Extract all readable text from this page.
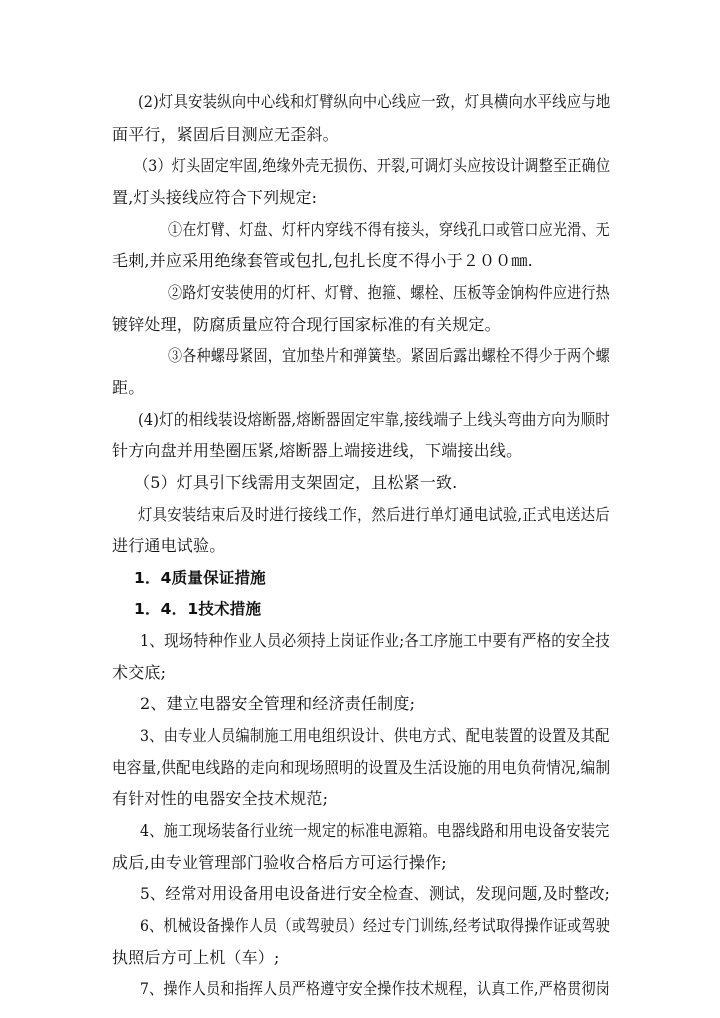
(2)灯具安装纵向中心线和灯臂纵向中心线应一致，灯具横向水平线应与地
面平行，紧固后目测应无歪斜。
（3）灯头固定牢固,绝缘外壳无损伤、开裂,可调灯头应按设计调整至正确位
置,灯头接线应符合下列规定:
①在灯臂、灯盘、灯杆内穿线不得有接头，穿线孔口或管口应光滑、无
毛刺,并应采用绝缘套管或包扎,包扎长度不得小于２００㎜.
②路灯安装使用的灯杆、灯臂、抱箍、螺栓、压板等金饷构件应进行热
镀锌处理，防腐质量应符合现行国家标准的有关规定。
③各种螺母紧固，宜加垫片和弹簧垫。紧固后露出螺栓不得少于两个螺
距。
(4)灯的相线装设熔断器,熔断器固定牢靠,接线端子上线头弯曲方向为顺时
针方向盘并用垫圈压紧,熔断器上端接进线，下端接出线。
（5）灯具引下线需用支架固定，且松紧一致.
灯具安装结束后及时进行接线工作，然后进行单灯通电试验,正式电送达后
进行通电试验。
1．4质量保证措施
1．4．1技术措施
1、现场特种作业人员必须持上岗证作业;各工序施工中要有严格的安全技
术交底;
2、建立电器安全管理和经济责任制度;
3、由专业人员编制施工用电组织设计、供电方式、配电装置的设置及其配
电容量,供配电线路的走向和现场照明的设置及生活设施的用电负荷情况,编制
有针对性的电器安全技术规范;
4、施工现场装备行业统一规定的标准电源箱。电器线路和用电设备安装完
成后,由专业管理部门验收合格后方可运行操作;
5、经常对用设备用电设备进行安全检查、测试，发现问题,及时整改;
6、机械设备操作人员（或驾驶员）经过专门训练,经考试取得操作证或驾驶
执照后方可上机（车）;
7、操作人员和指挥人员严格遵守安全操作技术规程，认真工作,严格贯彻岗
